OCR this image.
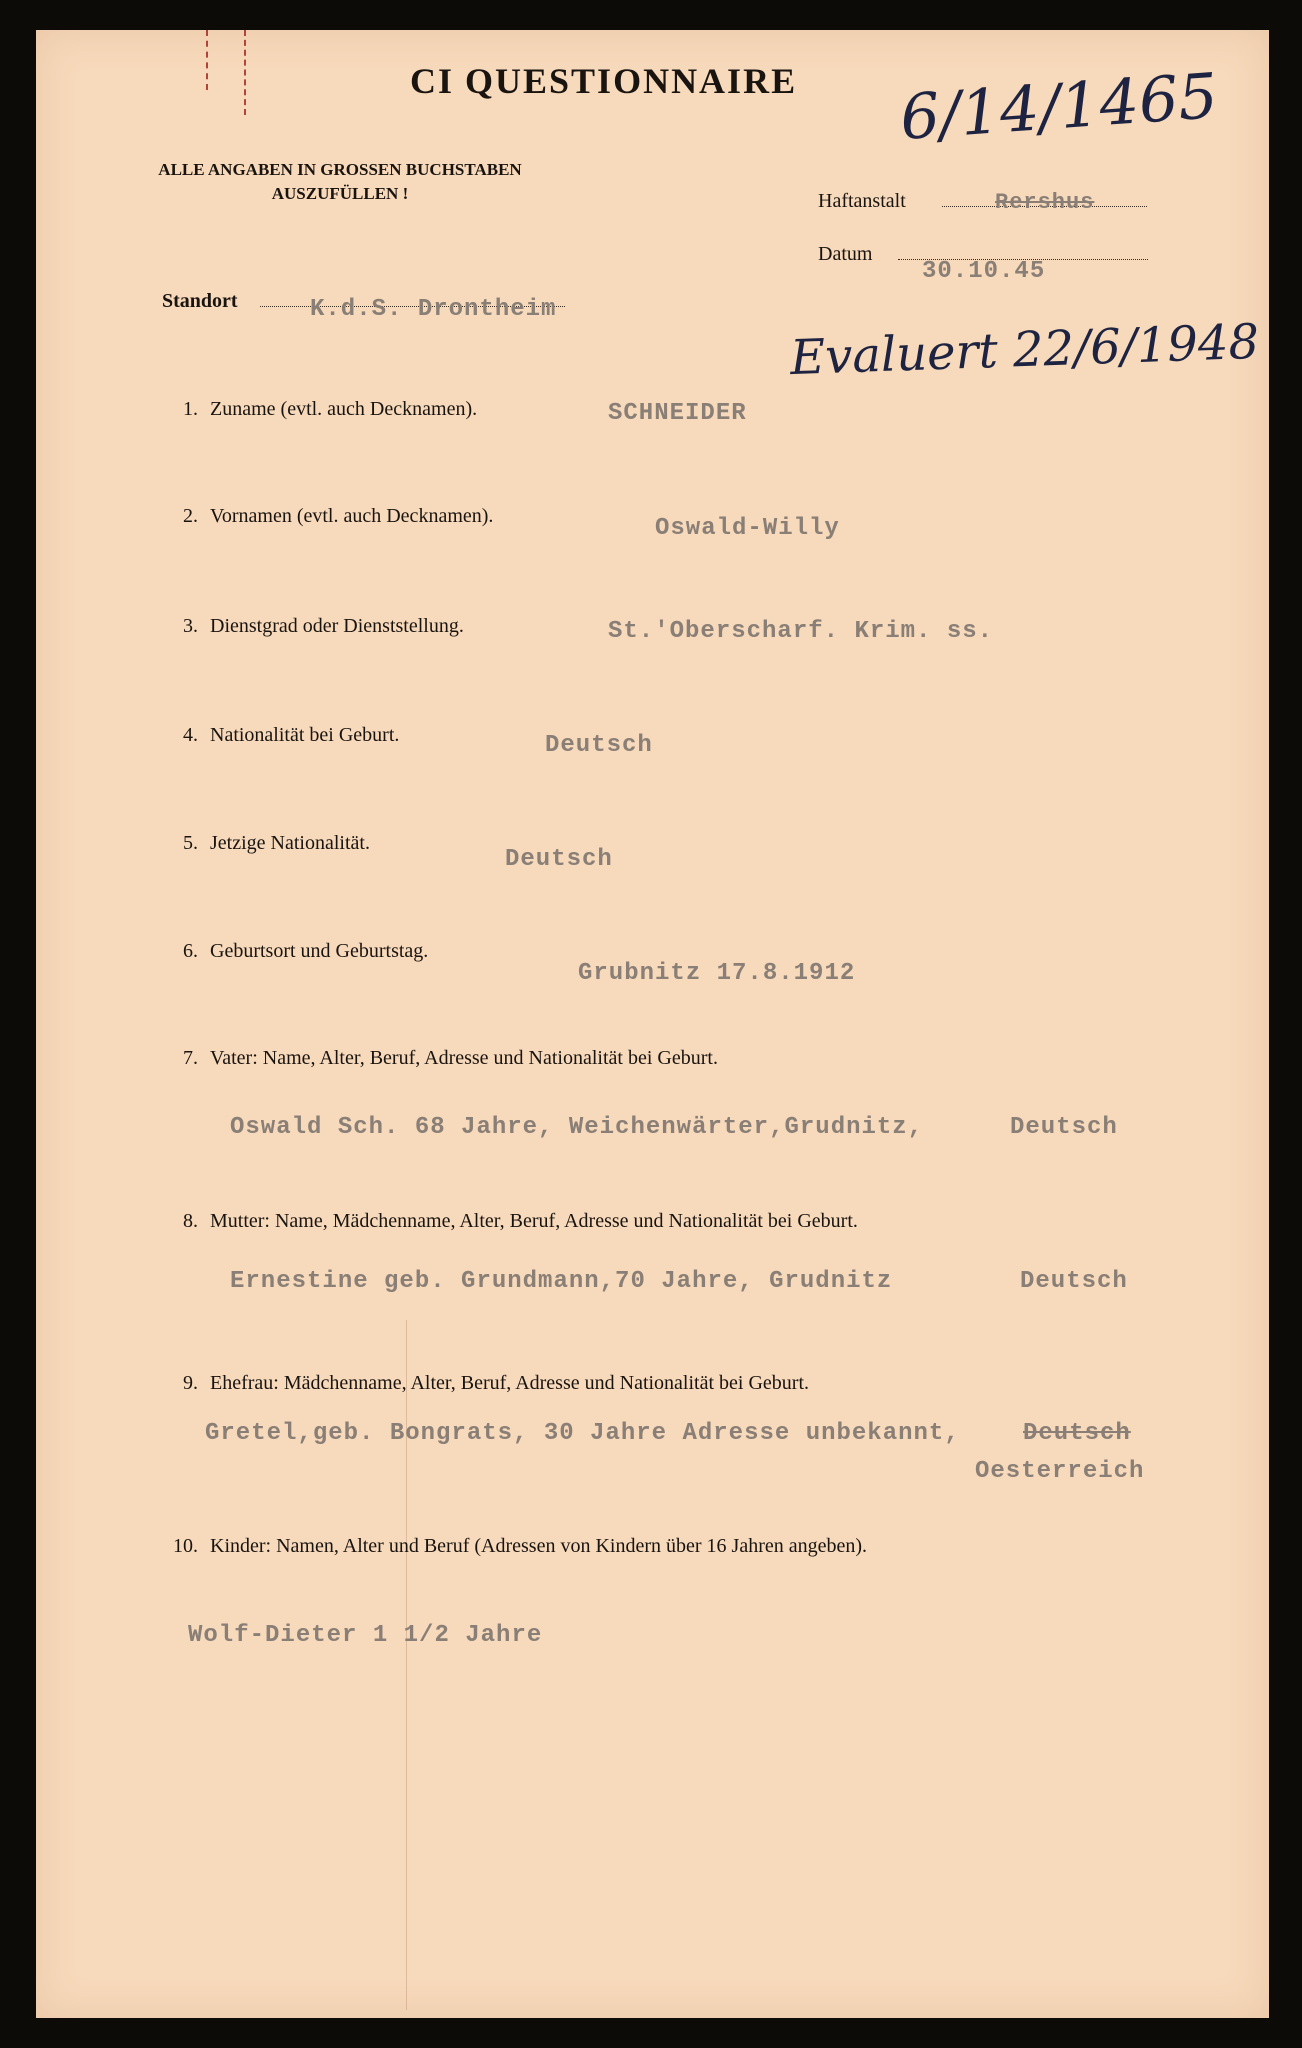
CI QUESTIONNAIRE 6/14/1465
ALLE ANGABEN IN GROSSEN BUCHSTABEN
AUSZUFÜLLEN !	Haftanstalt	Rershus
Datum
30.10.45
Standort	K.d.S. Drontheim
Evaluert 22/6/1948
1. Zuname (evtl. auch Decknamen).	SCHNEIDER
2. Vornamen (evtl. auch Decknamen).	Oswald-Willy
3. Dienstgrad oder Dienststellung.	St.'Oberscharf. Krim. ss.
4. Nationalität bei Geburt.	Deutsch
5. Jetzige Nationalität.
Deutsch
6. Geburtsort und Geburtstag.
Grubnitz 17.8.1912
7. Vater: Name, Alter, Beruf, Adresse und Nationalität bei Geburt.
Oswald Sch. 68 Jahre, Weichenwärter,Grudnitz,	Deutsch
8. Mutter: Name, Mädchenname, Alter, Beruf, Adresse und Nationalität bei Geburt.
Ernestine geb. Grundmann,70 Jahre, Grudnitz	Deutsch
9. Ehefrau: Mädchenname, Alter, Beruf, Adresse und Nationalität bei Geburt.
Gretel,geb. Bongrats, 30 Jahre Adresse unbekannt,	Deutsch
Oesterreich
10. Kinder: Namen, Alter und Beruf (Adressen von Kindern über 16 Jahren angeben).
Wolf-Dieter 1 1/2 Jahre
